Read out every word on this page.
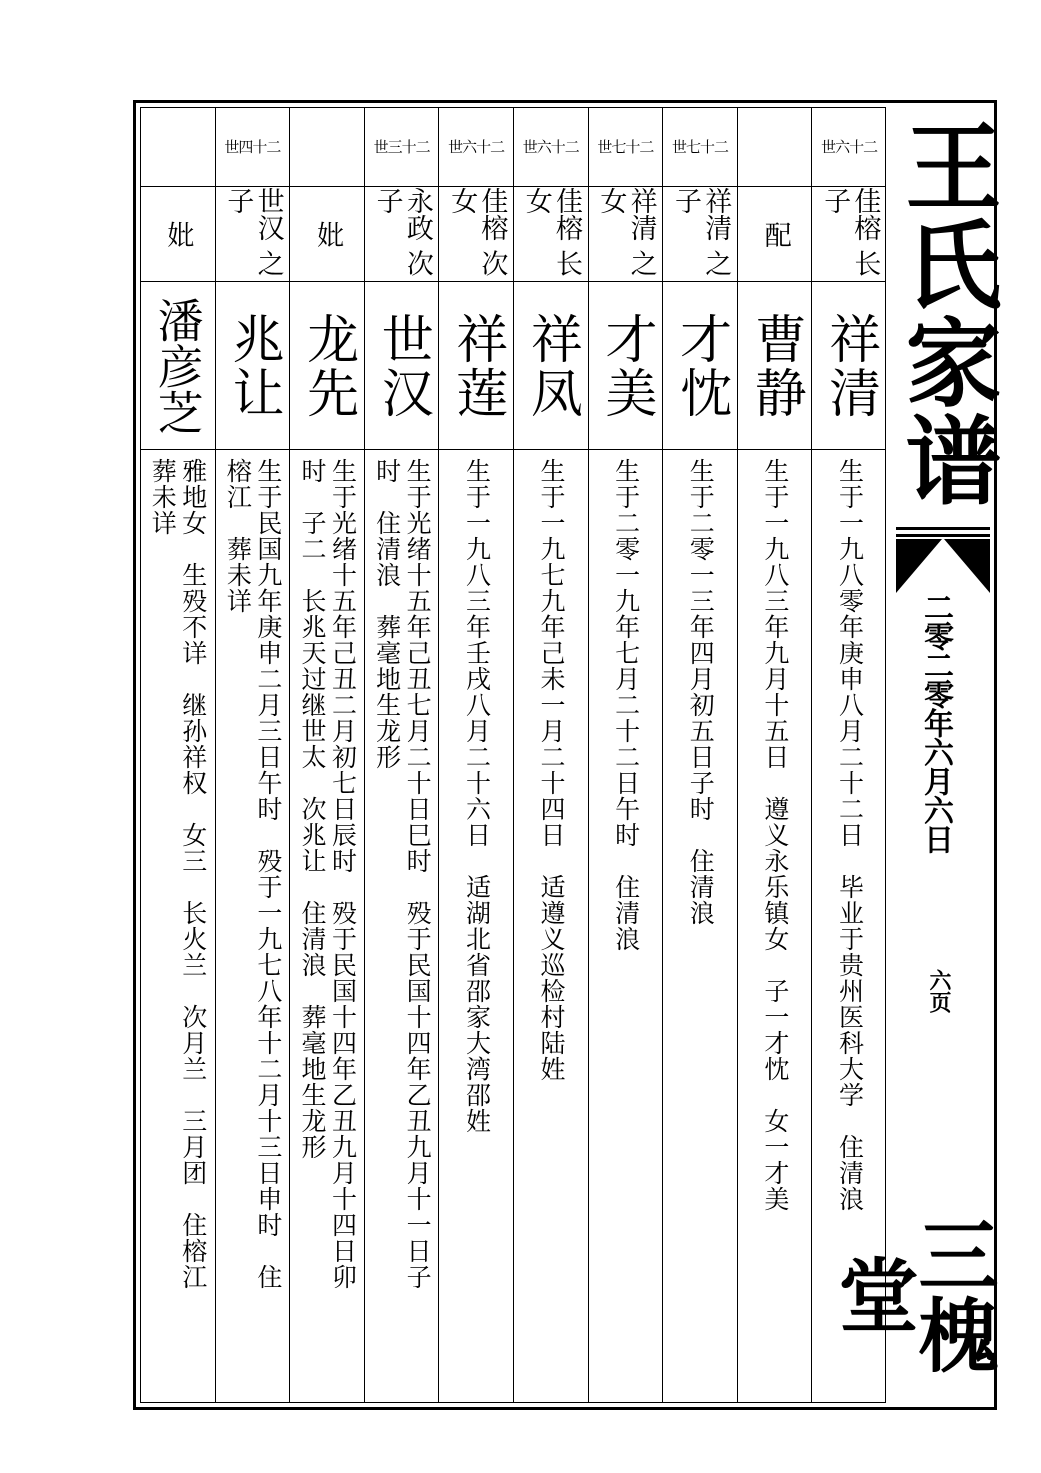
妣
潘彦芝
雅地女　生殁不详　继孙祥权　女三　长火兰　次月兰　三月团　住榕江
葬未详
世四十二
世汉 之子
兆让
生于民国九年庚申二月三日午时　殁于一九七八年十二月十三日申时　住
榕江　葬未详
妣
龙先
生于光绪十五年己丑二月初七日辰时　殁于民国十四年乙丑九月十四日卯
时　子二　长兆天过继世太　次兆让　住清浪　葬毫地生龙形
世三十二
永政 次子
世汉
生于光绪十五年己丑七月二十日巳时　殁于民国十四年乙丑九月十一日子
时　住清浪　葬毫地生龙形
世六十二
佳榕 次女
祥莲
生于一九八三年壬戌八月二十六日　适湖北省邵家大湾邵姓
世六十二
佳榕 长女
祥凤
生于一九七九年己未一月二十四日　适遵义巡检村陆姓
世七十二
祥清 之女
才美
生于二零一九年七月二十二日午时　住清浪
世七十二
祥清 之子
才忱
生于二零一三年四月初五日子时　住清浪
配
曹静
生于一九八三年九月十五日　遵义永乐镇女　子一才忱　女一才美
世六十二
佳榕 长子
祥清
生于一九八零年庚申八月二十二日　毕业于贵州医科大学　住清浪
王氏家谱
二零二零年六月六日
六页
三槐堂
